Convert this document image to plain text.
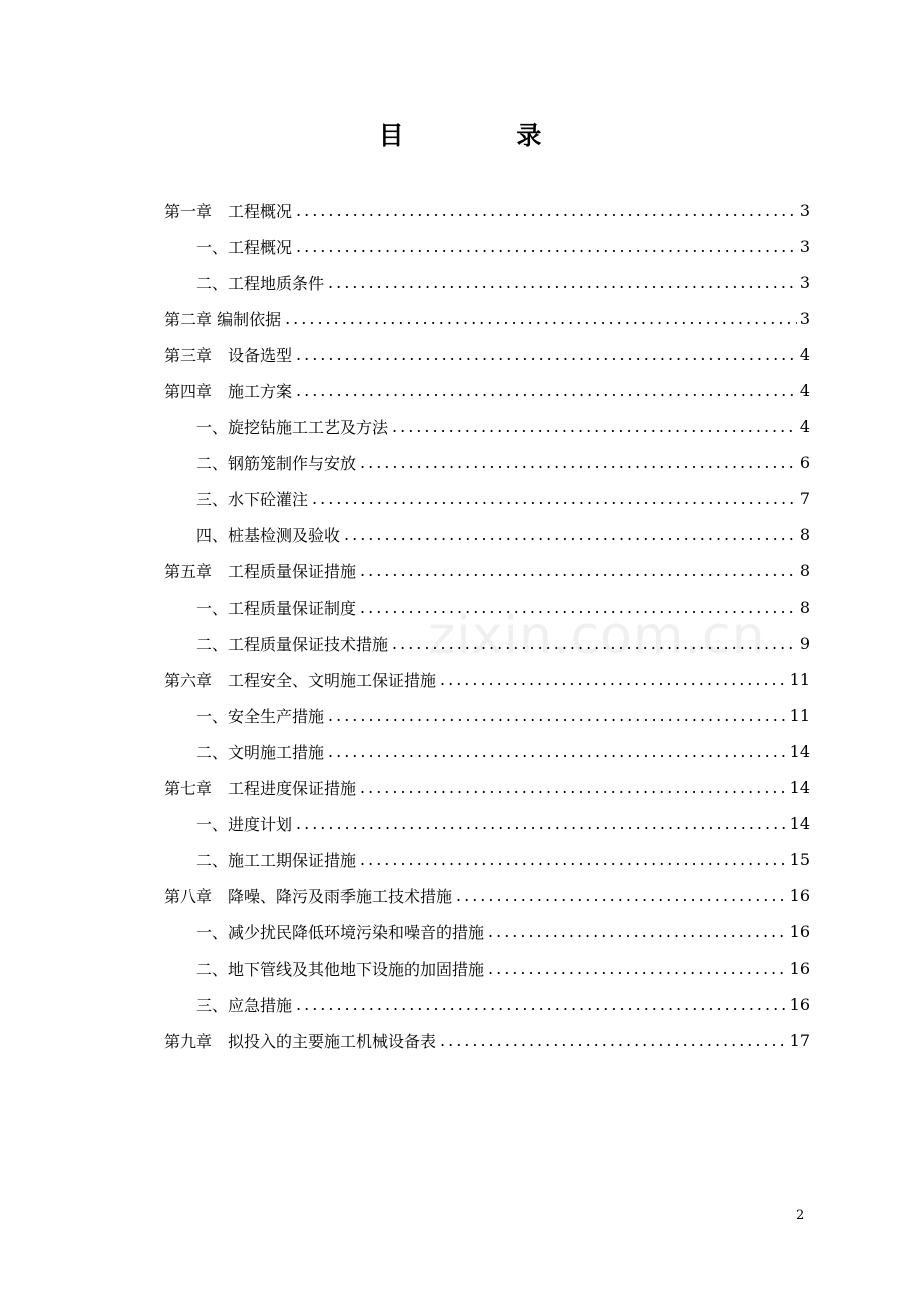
目 录
zixin.com.cn
第一章　工程概况 .....	3
一、工程概况 .....	3
二、工程地质条件 .....	3
第二章 编制依据 .....	3
第三章　设备选型 .....	4
第四章　施工方案 .....	4
一、旋挖钻施工工艺及方法 .....	4
二、钢筋笼制作与安放 .....	6
三、水下砼灌注 .....	7
四、桩基检测及验收 .....	8
第五章　工程质量保证措施 .....	8
一、工程质量保证制度 .....	8
二、工程质量保证技术措施 .....	9
第六章　工程安全、文明施工保证措施 .....	11
一、安全生产措施 .....	11
二、文明施工措施 .....	14
第七章　工程进度保证措施 .....	14
一、进度计划 .....	14
二、施工工期保证措施 .....	15
第八章　降噪、降污及雨季施工技术措施 .....	16
一、减少扰民降低环境污染和噪音的措施 .....	16
二、地下管线及其他地下设施的加固措施 .....	16
三、应急措施 .....	16
第九章　拟投入的主要施工机械设备表 .....	17
2
